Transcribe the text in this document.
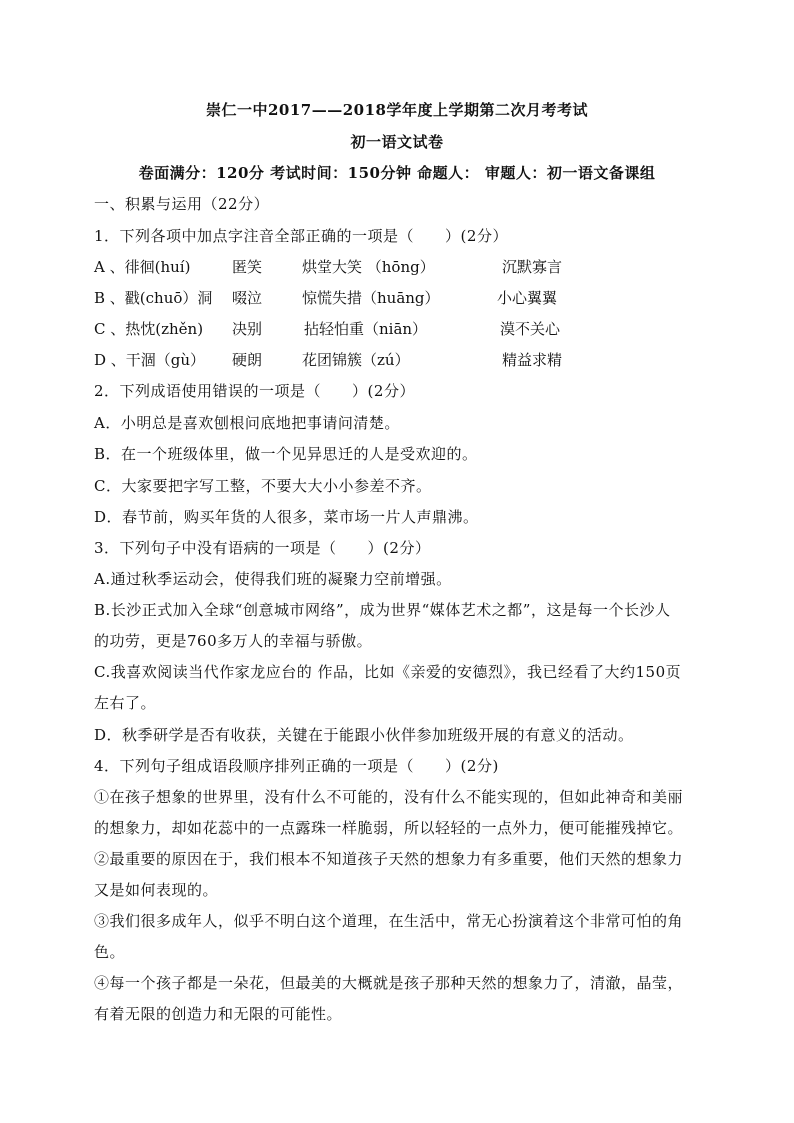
崇仁一中2017——2018学年度上学期第二次月考考试
初一语文试卷
卷面满分：120分 考试时间：150分钟 命题人： 审题人：初一语文备课组
一、积累与运用（22分）
1．下列各项中加点字注音全部正确的一项是（　　）(2分）
A 、徘徊(huí)	匿笑	烘堂大笑 （hōng）	沉默寡言
B 、戳(chuō）洞 啜泣	惊慌失措（huāng）	小心翼翼
C 、热忱(zhěn) 决别	拈轻怕重（niān）	漠不关心
D 、干涸（gù） 硬朗	花团锦簇（zú）	精益求精
2．下列成语使用错误的一项是（　　）(2分）
A．小明总是喜欢刨根问底地把事请问清楚。
B．在一个班级体里，做一个见异思迁的人是受欢迎的。
C．大家要把字写工整，不要大大小小参差不齐。
D．春节前，购买年货的人很多，菜市场一片人声鼎沸。
3．下列句子中没有语病的一项是（　　）(2分）
A.通过秋季运动会，使得我们班的凝聚力空前增强。
B.长沙正式加入全球“创意城市网络”，成为世界“媒体艺术之都”，这是每一个长沙人
的功劳，更是760多万人的幸福与骄傲。
C.我喜欢阅读当代作家龙应台的 作品，比如《亲爱的安德烈》，我已经看了大约150页
左右了。
D．秋季研学是否有收获，关键在于能跟小伙伴参加班级开展的有意义的活动。
4．下列句子组成语段顺序排列正确的一项是（　　）(2分)
①在孩子想象的世界里，没有什么不可能的，没有什么不能实现的，但如此神奇和美丽
的想象力，却如花蕊中的一点露珠一样脆弱，所以轻轻的一点外力，便可能摧残掉它。
②最重要的原因在于，我们根本不知道孩子天然的想象力有多重要，他们天然的想象力
又是如何表现的。
③我们很多成年人，似乎不明白这个道理，在生活中，常无心扮演着这个非常可怕的角
色。
④每一个孩子都是一朵花，但最美的大概就是孩子那种天然的想象力了，清澈，晶莹，
有着无限的创造力和无限的可能性。
